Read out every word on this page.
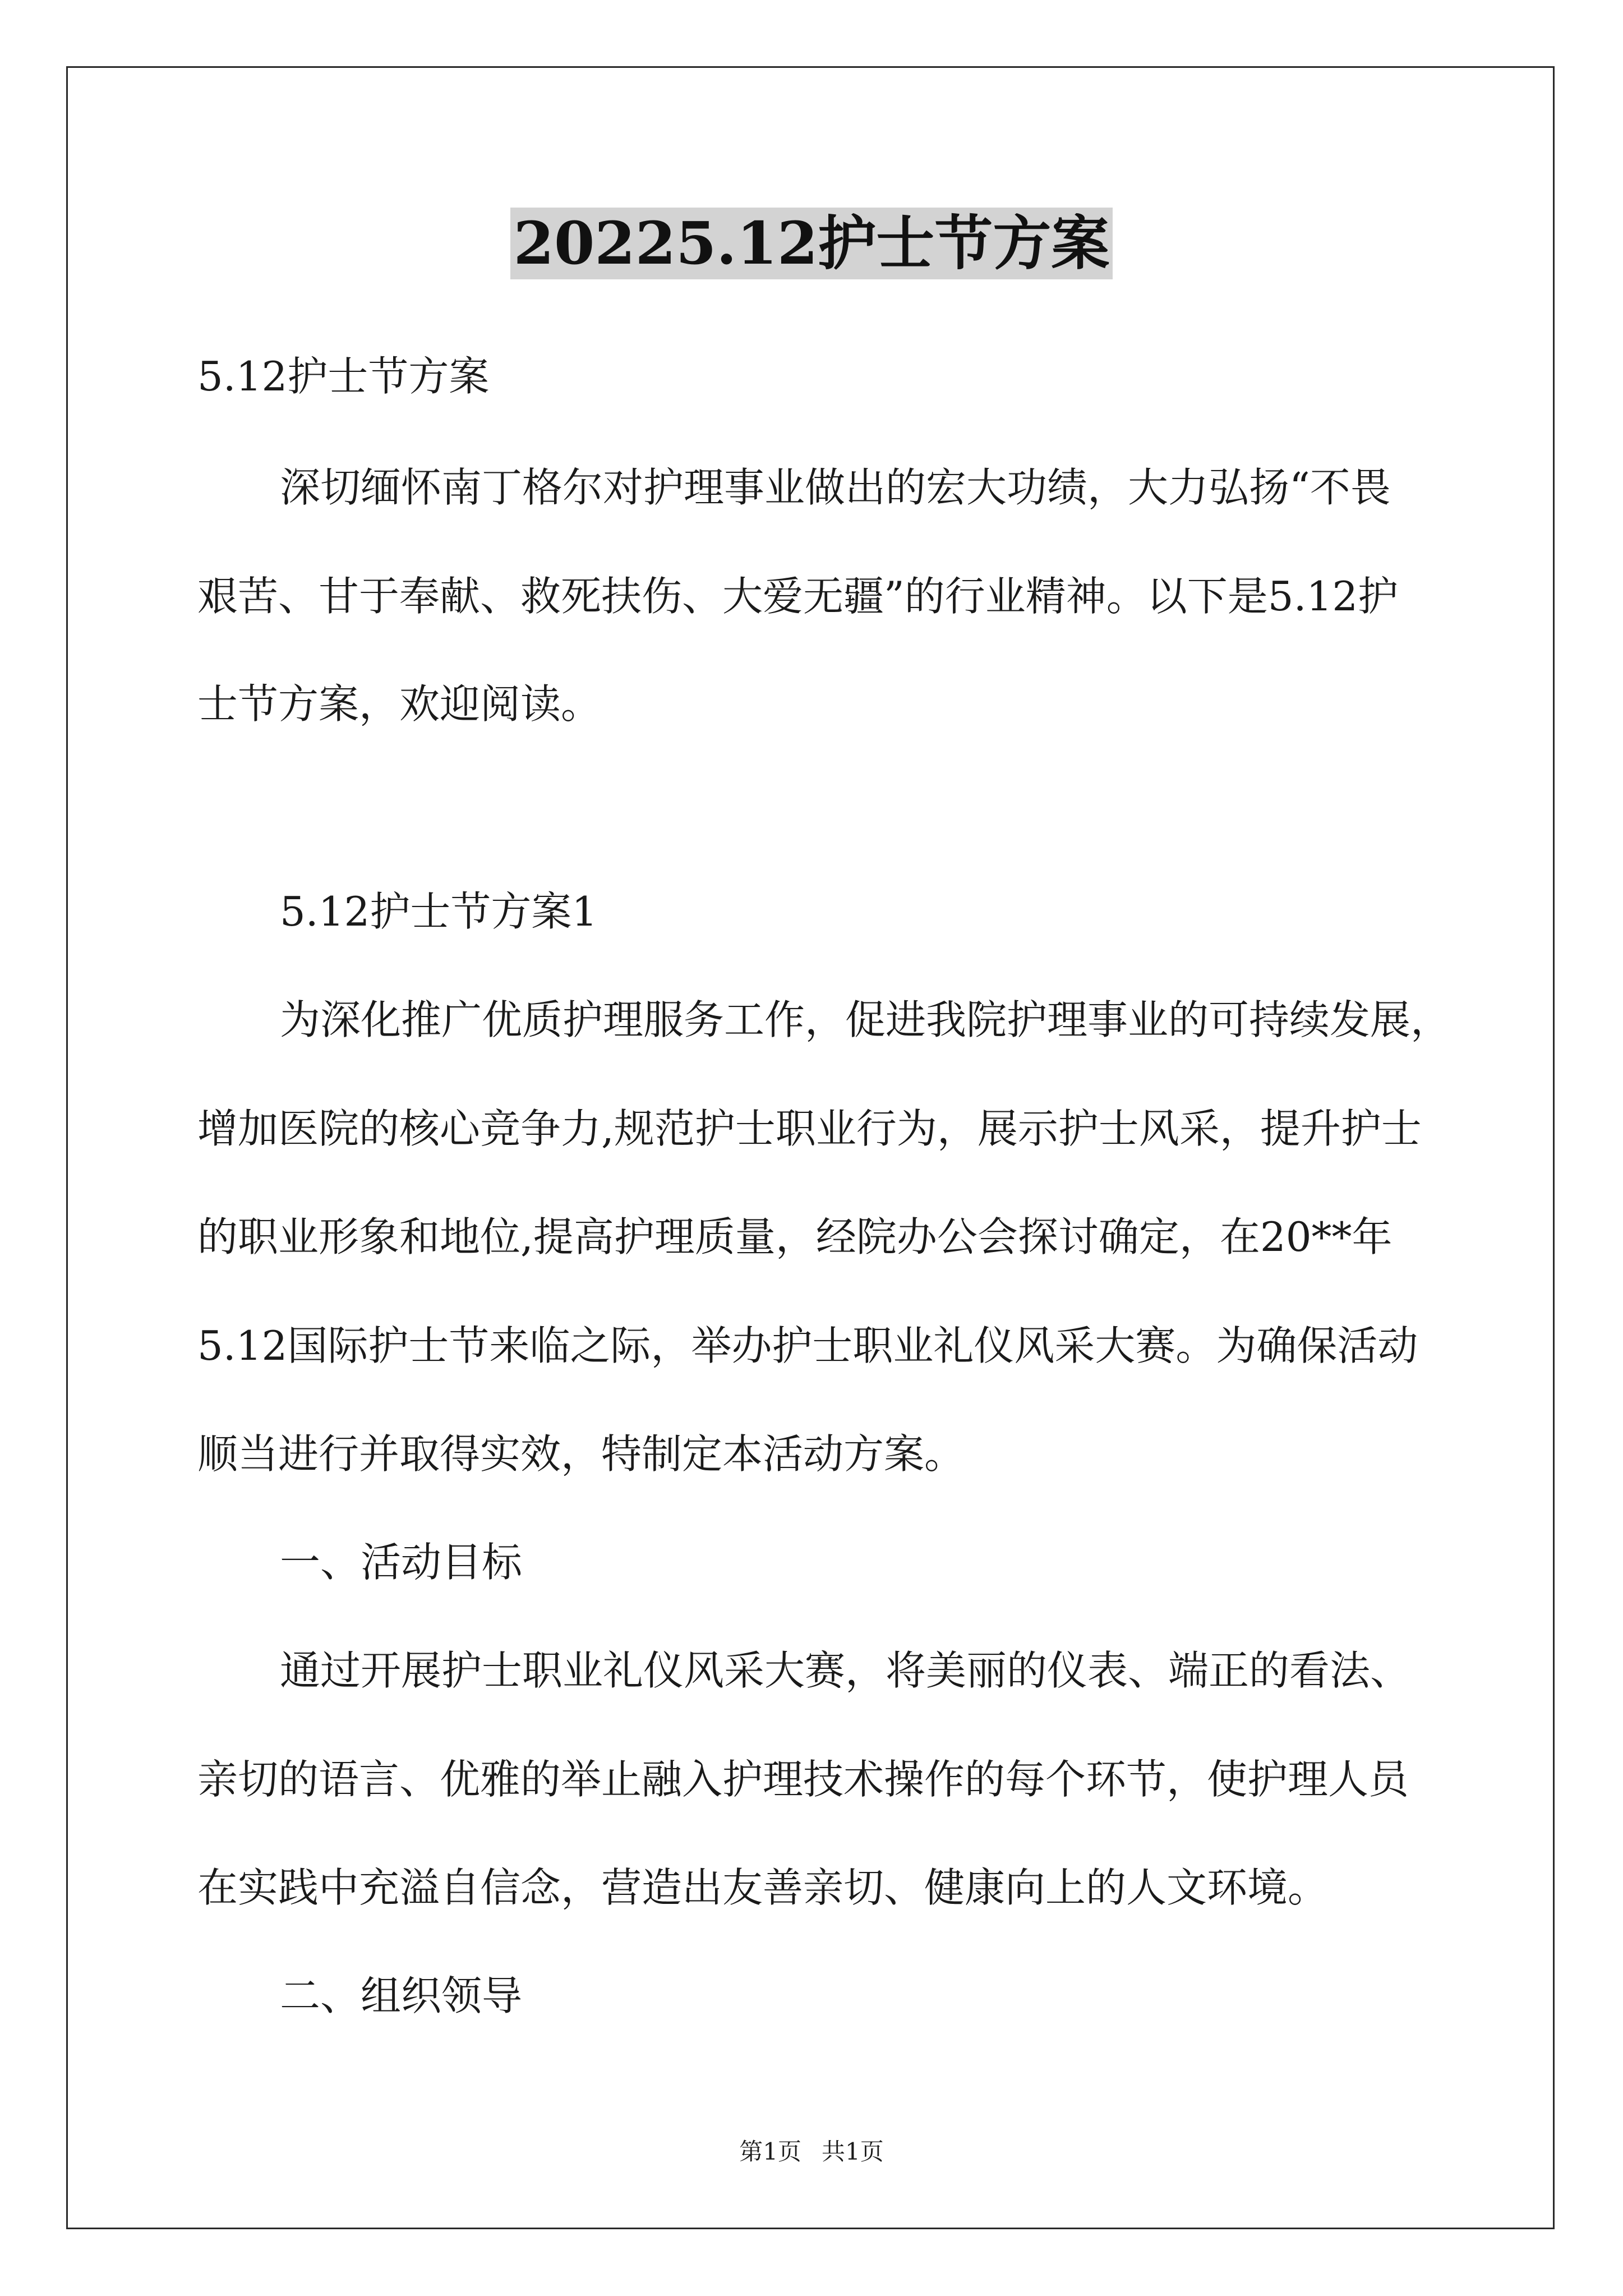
20225.12护士节方案
5.12护士节方案
深切缅怀南丁格尔对护理事业做出的宏大功绩，大力弘扬“不畏
艰苦、甘于奉献、救死扶伤、大爱无疆”的行业精神。以下是5.12护
士节方案，欢迎阅读。
5.12护士节方案1
为深化推广优质护理服务工作，促进我院护理事业的可持续发展，
增加医院的核心竞争力,规范护士职业行为，展示护士风采，提升护士
的职业形象和地位,提高护理质量，经院办公会探讨确定，在20**年
5.12国际护士节来临之际，举办护士职业礼仪风采大赛。为确保活动
顺当进行并取得实效，特制定本活动方案。
一、活动目标
通过开展护士职业礼仪风采大赛，将美丽的仪表、端正的看法、
亲切的语言、优雅的举止融入护理技术操作的每个环节，使护理人员
在实践中充溢自信念，营造出友善亲切、健康向上的人文环境。
二、组织领导
第1页 共1页
